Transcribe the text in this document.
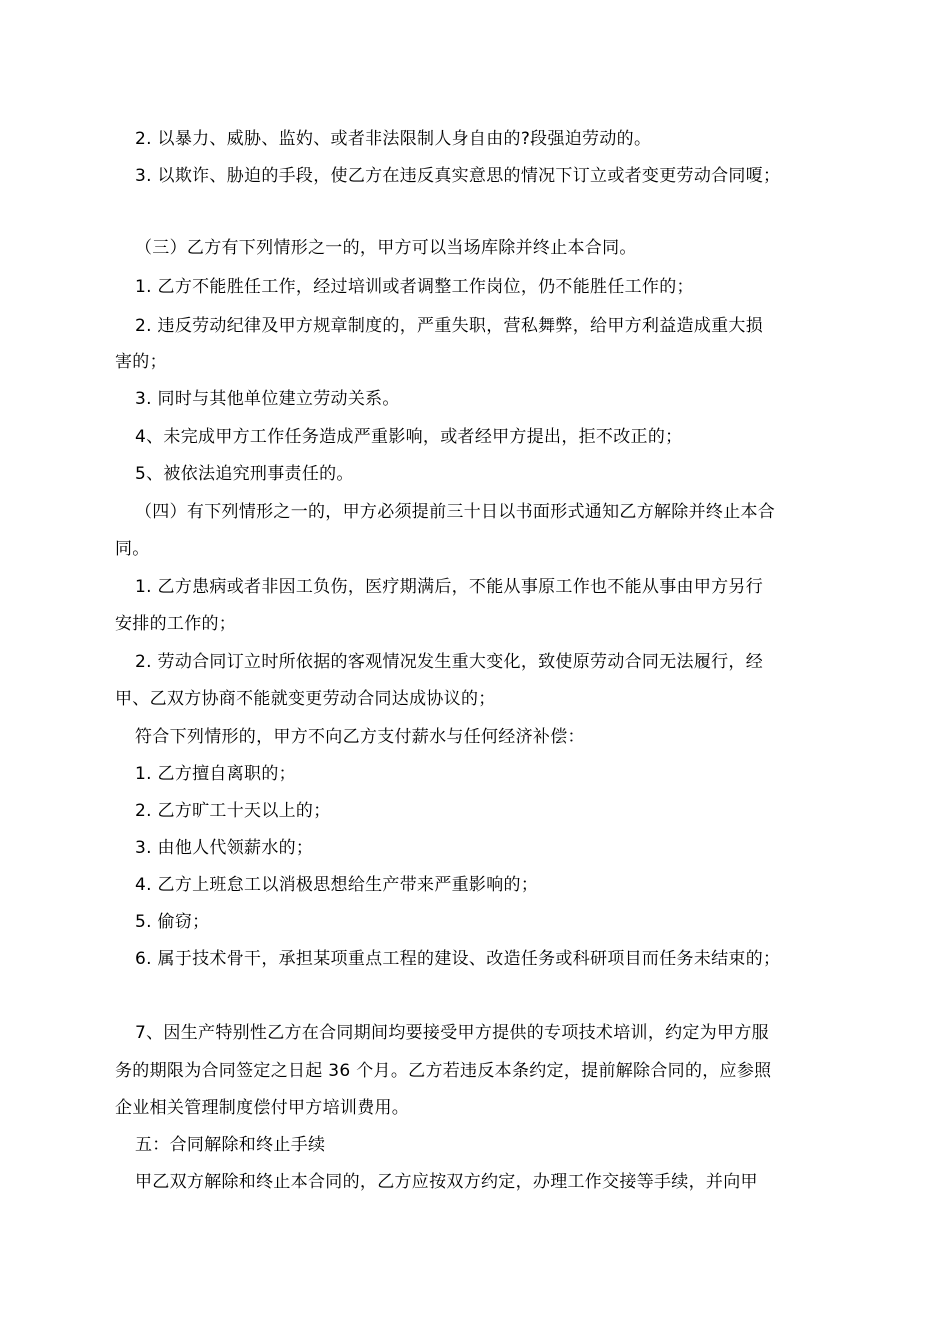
2. 以暴力、威胁、监妁、或者非法限制人身自由的?段强迫劳动的。
3. 以欺诈、胁迫的手段，使乙方在违反真实意思的情况下订立或者变更劳动合同嗄；
（三）乙方有下列情形之一的，甲方可以当场库除并终止本合同。
1. 乙方不能胜任工作，经过培训或者调整工作岗位，仍不能胜任工作的；
2. 违反劳动纪律及甲方规章制度的，严重失职，营私舞弊，给甲方利益造成重大损
害的；
3. 同时与其他单位建立劳动关系。
4、未完成甲方工作任务造成严重影响，或者经甲方提出，拒不改正的；
5、被依法追究刑事责任的。
（四）有下列情形之一的，甲方必须提前三十日以书面形式通知乙方解除并终止本合
同。
1. 乙方患病或者非因工负伤，医疗期满后，不能从事原工作也不能从事由甲方另行
安排的工作的；
2. 劳动合同订立时所依据的客观情况发生重大变化，致使原劳动合同无法履行，经
甲、乙双方协商不能就变更劳动合同达成协议的；
符合下列情形的，甲方不向乙方支付薪水与任何经济补偿：
1. 乙方擅自离职的；
2. 乙方旷工十天以上的；
3. 由他人代领薪水的；
4. 乙方上班怠工以消极思想给生产带来严重影响的；
5. 偷窃；
6. 属于技术骨干，承担某项重点工程的建设、改造任务或科研项目而任务未结束的；
7、因生产特别性乙方在合同期间均要接受甲方提供的专项技术培训，约定为甲方服
务的期限为合同签定之日起 36 个月。乙方若违反本条约定，提前解除合同的，应参照
企业相关管理制度偿付甲方培训费用。
五：合同解除和终止手续
甲乙双方解除和终止本合同的，乙方应按双方约定，办理工作交接等手续，并向甲
